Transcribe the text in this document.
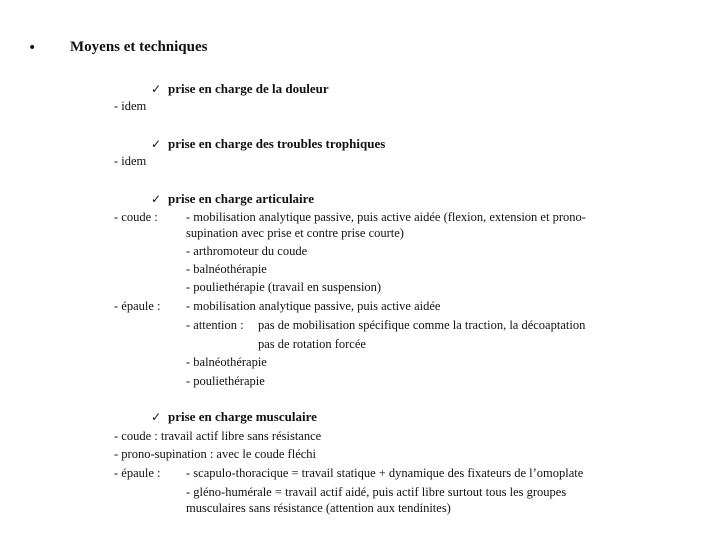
• Moyens et techniques
✓ prise en charge de la douleur
- idem
✓ prise en charge des troubles trophiques
- idem
✓ prise en charge articulaire
- coude : - mobilisation analytique passive, puis active aidée (flexion, extension et prono-
supination avec prise et contre prise courte)
- arthromoteur du coude
- balnéothérapie
- pouliethérapie (travail en suspension)
- épaule : - mobilisation analytique passive, puis active aidée
- attention : pas de mobilisation spécifique comme la traction, la décoaptation
pas de rotation forcée
- balnéothérapie
- pouliethérapie
✓ prise en charge musculaire
- coude : travail actif libre sans résistance
- prono-supination : avec le coude fléchi
- épaule : - scapulo-thoracique = travail statique + dynamique des fixateurs de l’omoplate
- gléno-humérale = travail actif aidé, puis actif libre surtout tous les groupes
musculaires sans résistance (attention aux tendinites)
